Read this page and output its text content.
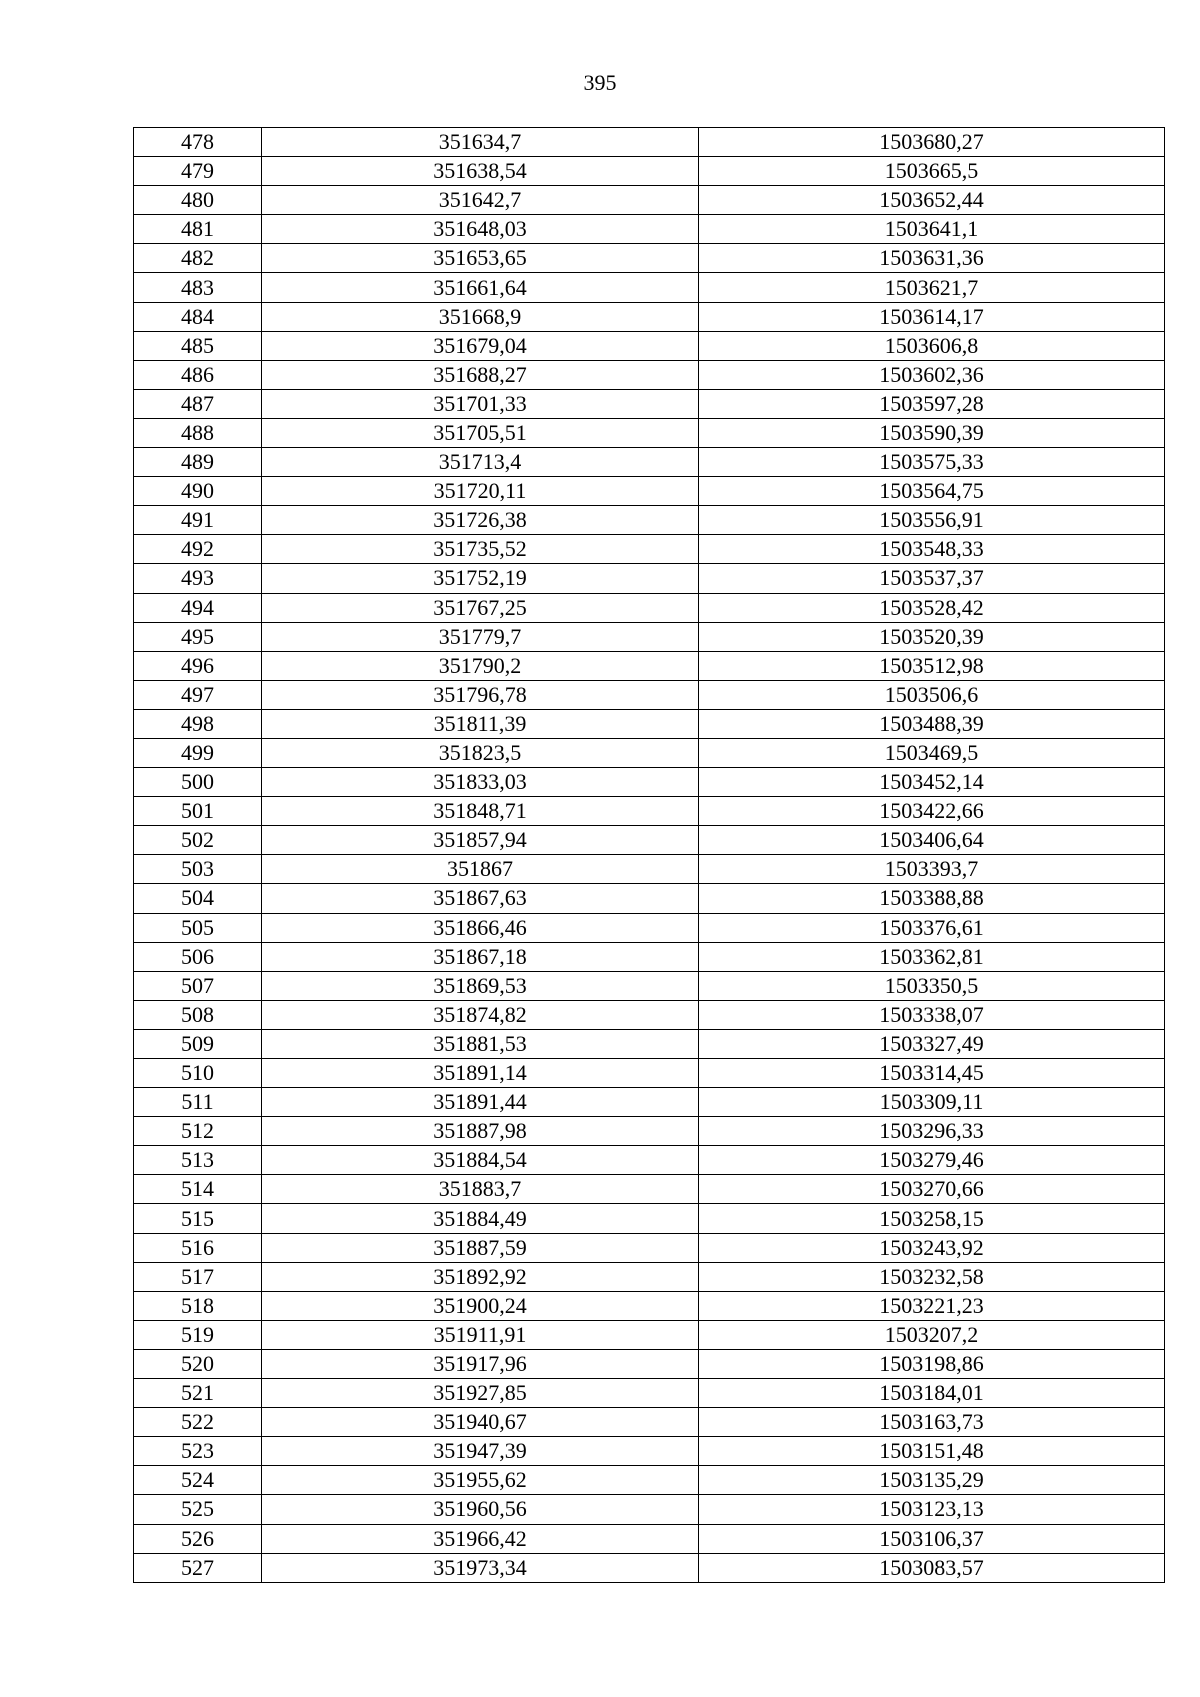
395
478	351634,7	1503680,27
479	351638,54	1503665,5
480	351642,7	1503652,44
481	351648,03	1503641,1
482	351653,65	1503631,36
483	351661,64	1503621,7
484	351668,9	1503614,17
485	351679,04	1503606,8
486	351688,27	1503602,36
487	351701,33	1503597,28
488	351705,51	1503590,39
489	351713,4	1503575,33
490	351720,11	1503564,75
491	351726,38	1503556,91
492	351735,52	1503548,33
493	351752,19	1503537,37
494	351767,25	1503528,42
495	351779,7	1503520,39
496	351790,2	1503512,98
497	351796,78	1503506,6
498	351811,39	1503488,39
499	351823,5	1503469,5
500	351833,03	1503452,14
501	351848,71	1503422,66
502	351857,94	1503406,64
503	351867	1503393,7
504	351867,63	1503388,88
505	351866,46	1503376,61
506	351867,18	1503362,81
507	351869,53	1503350,5
508	351874,82	1503338,07
509	351881,53	1503327,49
510	351891,14	1503314,45
511	351891,44	1503309,11
512	351887,98	1503296,33
513	351884,54	1503279,46
514	351883,7	1503270,66
515	351884,49	1503258,15
516	351887,59	1503243,92
517	351892,92	1503232,58
518	351900,24	1503221,23
519	351911,91	1503207,2
520	351917,96	1503198,86
521	351927,85	1503184,01
522	351940,67	1503163,73
523	351947,39	1503151,48
524	351955,62	1503135,29
525	351960,56	1503123,13
526	351966,42	1503106,37
527	351973,34	1503083,57
